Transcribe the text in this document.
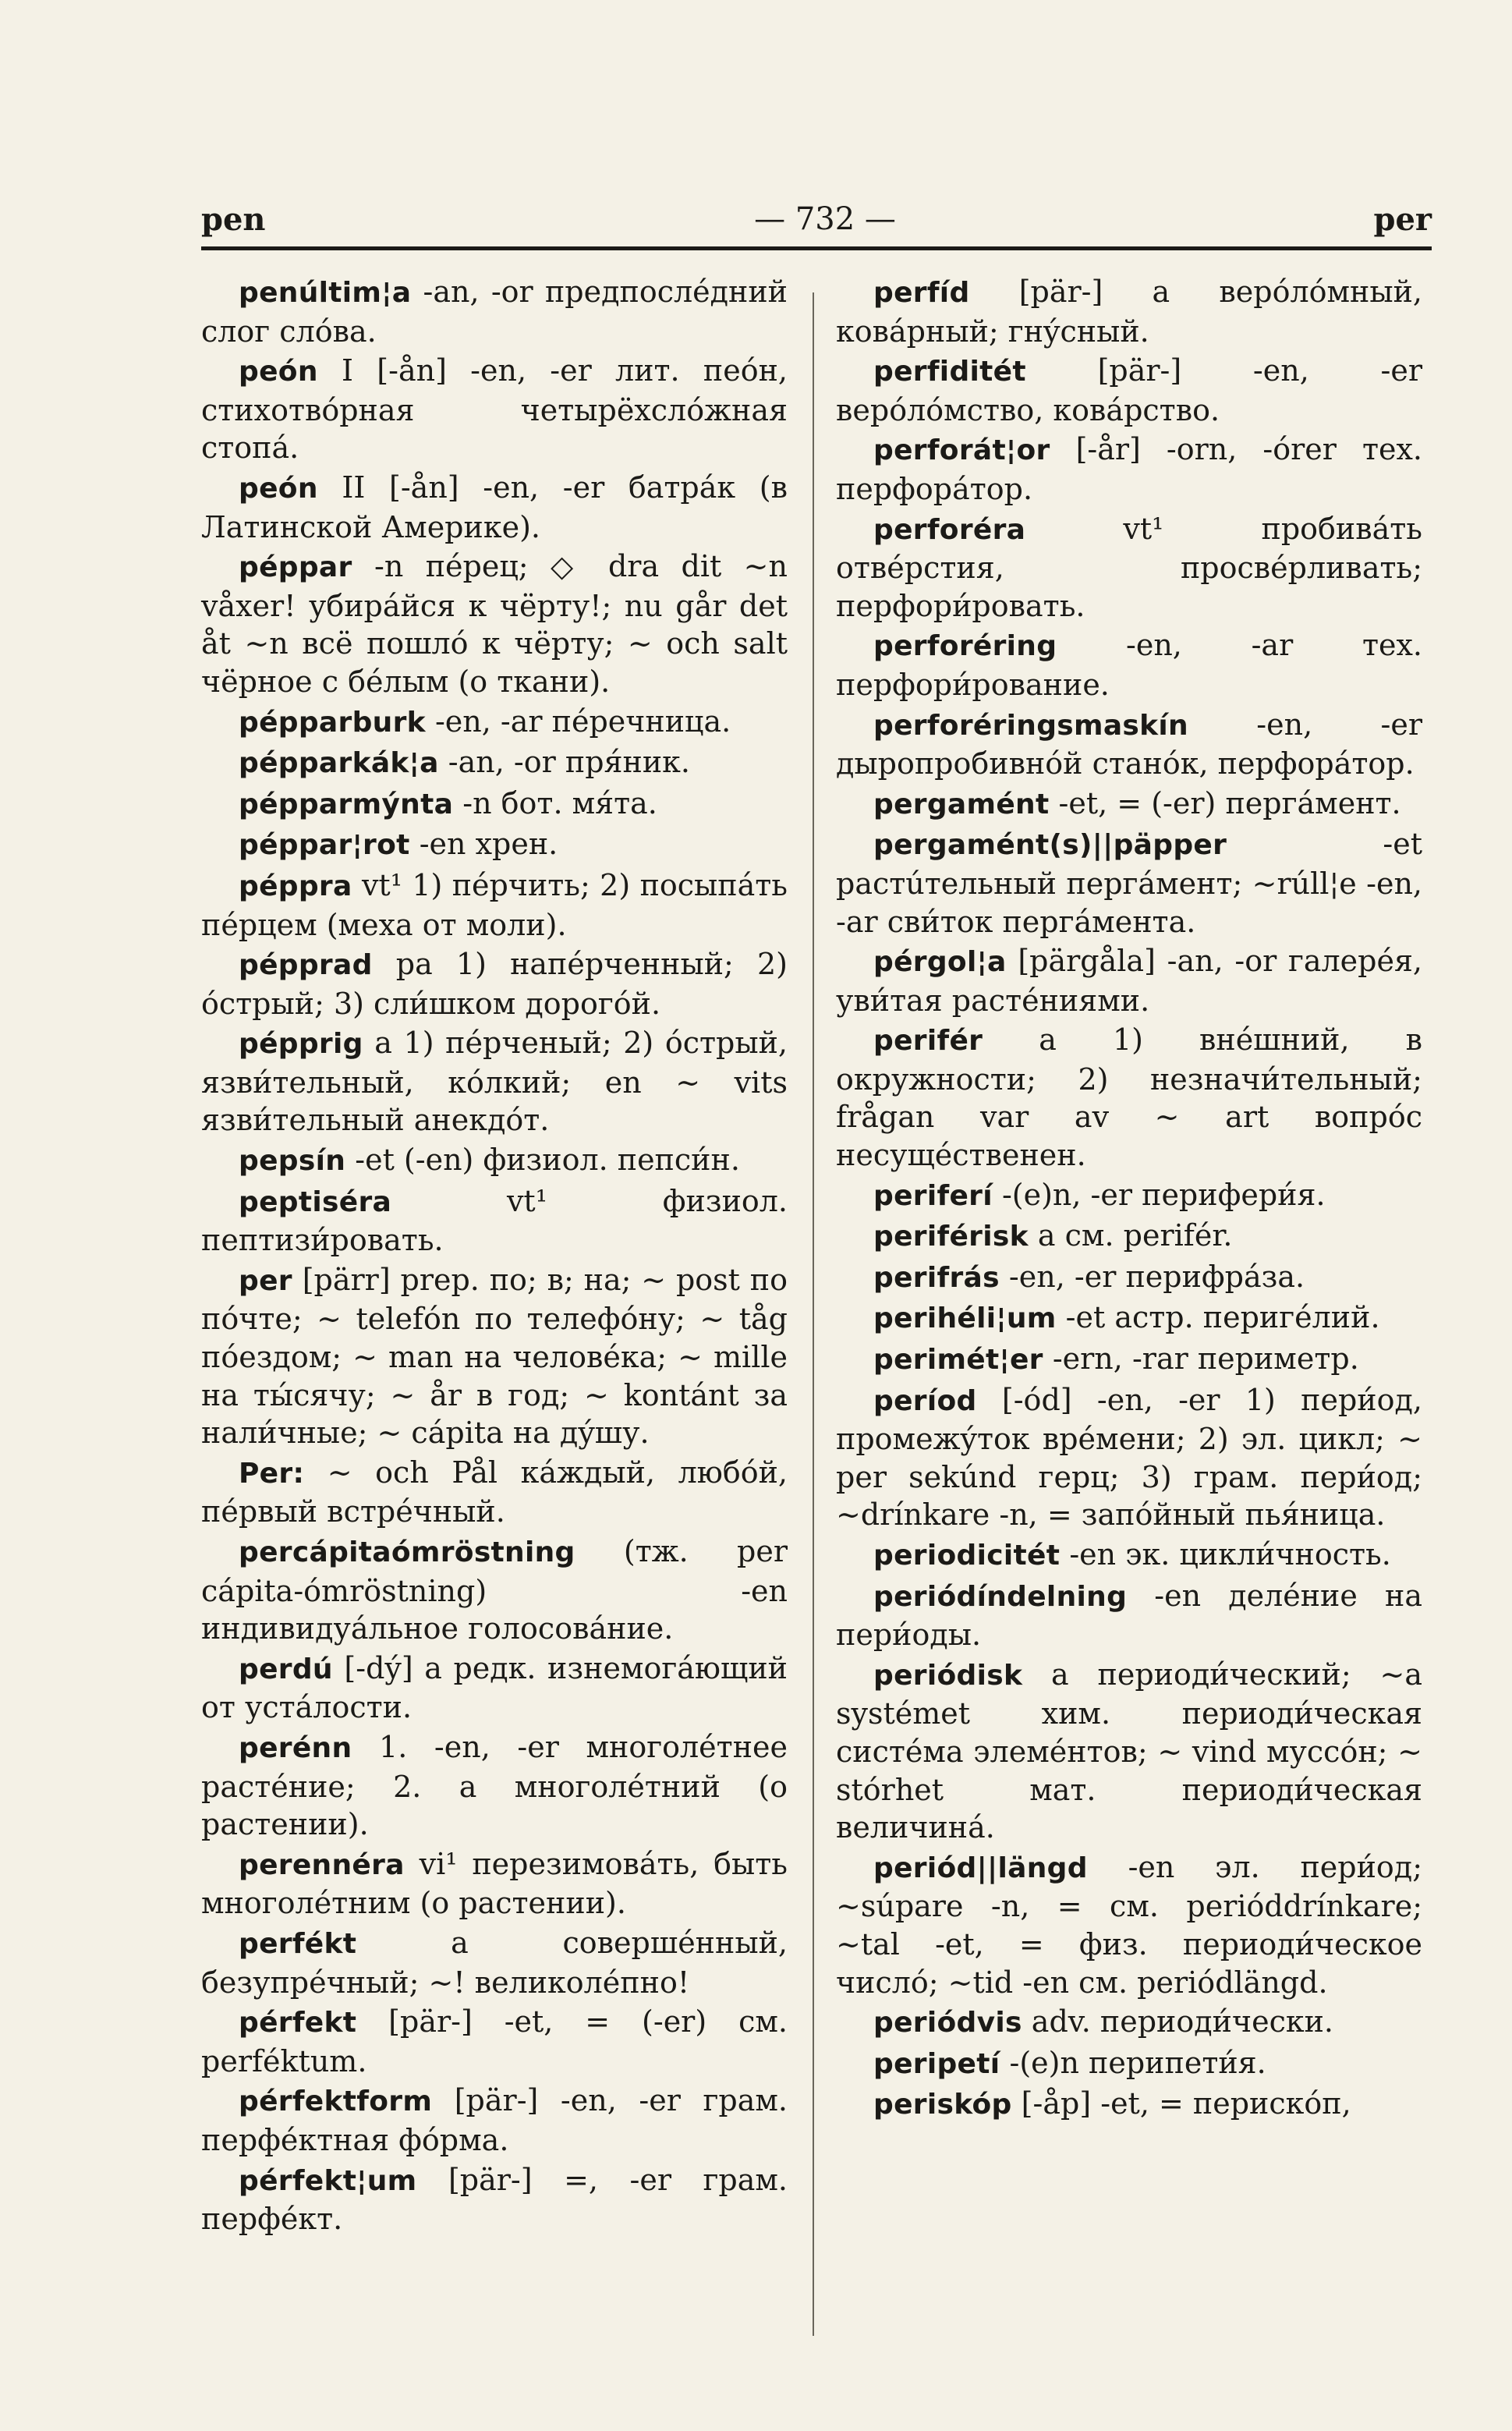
pen	— 732 —	per

penúltim¦a -an, -or предпослéдний слог слóва.

peón I [-ån] -en, -er лит. пеóн, стихотвóрная четырёхслóжная стопá.

peón II [-ån] -en, -er батрáк (в Латинской Америке).

péppar -n пéрец; ◇ dra dit ∼n våxer! убирáйся к чёрту!; nu går det åt ∼n всё пошлó к чёрту; ∼ och salt чёрное с бéлым (о ткани).

pépparburk -en, -ar пéречница.

pépparkák¦a -an, -or пря́ник.

pépparmýnta -n бот. мя́та.

péppar¦rot -en хрен.

péppra vt¹ 1) пéрчить; 2) посыпáть пéрцем (меха от моли).

pépprad pa 1) напéрченный; 2) óстрый; 3) сли́шком дорогóй.

pépprig a 1) пéрченый; 2) óстрый, язви́тельный, кóлкий; en ∼ vits язви́тельный анекдóт.

pepsín -et (-en) физиол. пепси́н.

peptiséra vt¹ физиол. пептизи́ровать.

per [pärr] prep. по; в; на; ∼ post по пóчте; ∼ telefón по телефóну; ∼ tåg пóездом; ∼ man на человéка; ∼ mille на ты́сячу; ∼ år в год; ∼ kontánt за нали́чные; ∼ cápita на дýшу.

Per: ∼ och Pål кáждый, любóй, пéрвый встрéчный.

percápitaómröstning (тж. per cápita-ómröstning) -en индивидуáльное голосовáние.

perdú [-dý] a редк. изнемогáющий от устáлости.

perénn 1. -en, -er многолéтнее растéние; 2. a многолéтний (о растении).

perennéra vi¹ перезимовáть, быть многолéтним (о растении).

perfékt a совершéнный, безупрéчный; ∼! великолéпно!

pérfekt [pär-] -et, = (-er) см. perféktum.

pérfektform [pär-] -en, -er грам. перфéктная фóрма.

pérfekt¦um [pär-] =, -er грам. перфéкт.

perfíd [pär-] a верóлóмный, ковáрный; гнýсный.

perfiditét [pär-] -en, -er верóлóмство, ковáрство.

perforát¦or [-år] -orn, -órer тех. перфорáтор.

perforéra vt¹ пробивáть отвéрстия, просвéрливать; перфори́ровать.

perforéring -en, -ar тех. перфори́рование.

perforéringsmaskín -en, -er дыропробивнóй станóк, перфорáтор.

pergamént -et, = (-er) пергáмент.

pergamént(s)||päpper -et растúтельный пергáмент; ∼rúll¦e -en, -ar сви́ток пергáмента.

pérgol¦a [pärgåla] -an, -or галерéя, уви́тая растéниями.

perifér a 1) внéшний, в окружности; 2) незначи́тельный; frågan var av ∼ art вопрóс несущéственен.

periferí -(e)n, -er перифери́я.

periférisk a см. perifér.

perifrás -en, -er перифрáза.

perihéli¦um -et астр. перигéлий.

perimét¦er -ern, -rar периметр.

períod [-ód] -en, -er 1) пери́од, промежýток врéмени; 2) эл. цикл; ∼ per sekúnd герц; 3) грам. пери́од; ∼drínkare -n, = запóйный пья́ница.

periodicitét -en эк. цикли́чность.

periódíndelning -en делéние на пери́оды.

periódisk a периоди́ческий; ∼a systémet хим. периоди́ческая систéма элемéнтов; ∼ vind муссóн; ∼ stórhet мат. периоди́ческая величинá.

periód||längd -en эл. пери́од; ∼súpare -n, = см. perióddrínkare; ∼tal -et, = физ. периоди́ческое числó; ∼tid -en см. periódlängd.

periódvis adv. периоди́чески.

peripetí -(e)n перипети́я.

periskóp [-åp] -et, = перискóп,
